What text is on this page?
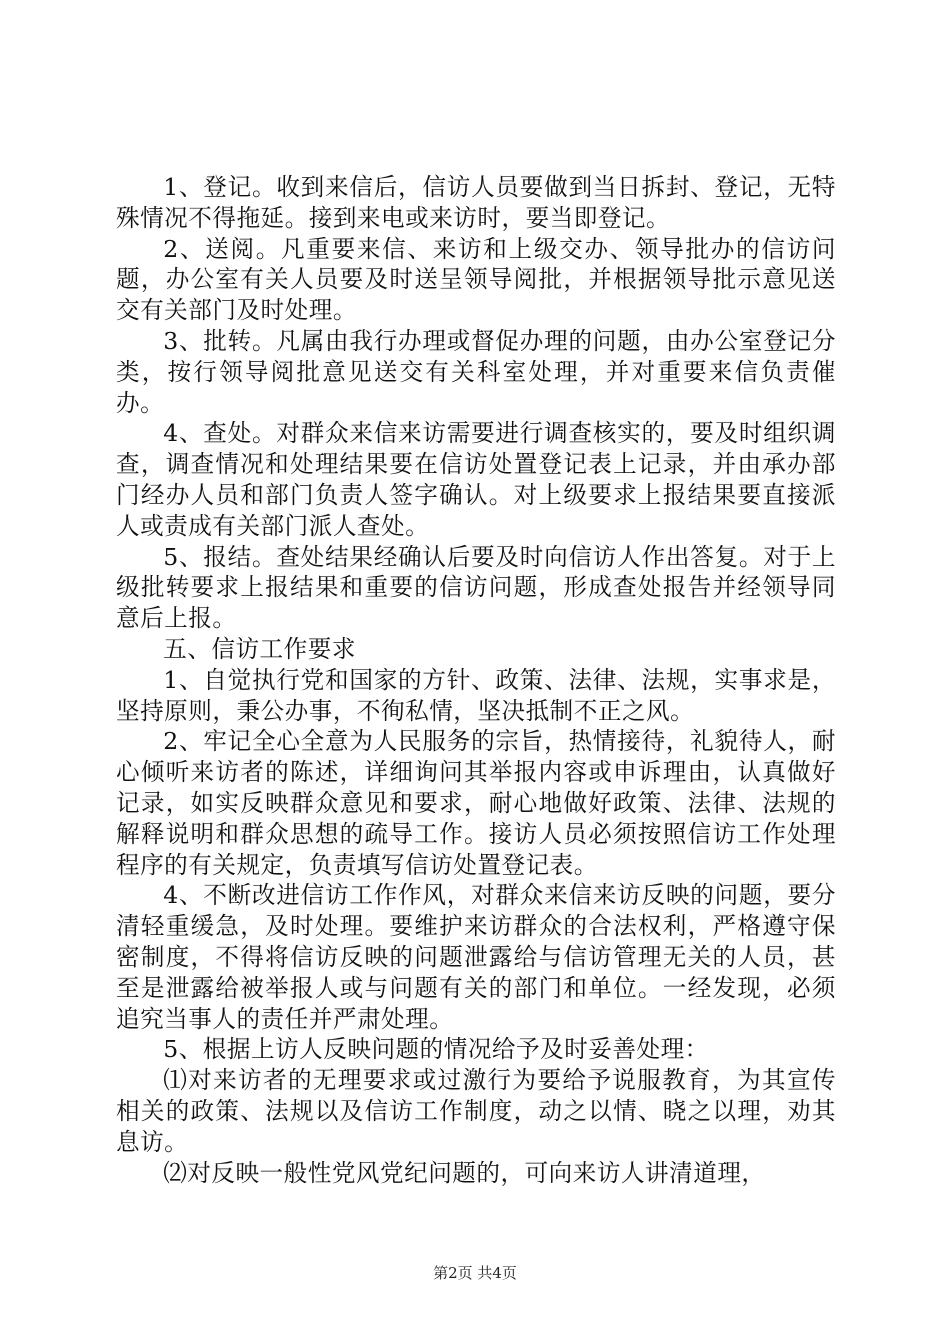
1、登记。收到来信后，信访人员要做到当日拆封、登记，无特殊情况不得拖延。接到来电或来访时，要当即登记。

2、送阅。凡重要来信、来访和上级交办、领导批办的信访问题，办公室有关人员要及时送呈领导阅批，并根据领导批示意见送交有关部门及时处理。

3、批转。凡属由我行办理或督促办理的问题，由办公室登记分类，按行领导阅批意见送交有关科室处理，并对重要来信负责催办。

4、查处。对群众来信来访需要进行调查核实的，要及时组织调查，调查情况和处理结果要在信访处置登记表上记录，并由承办部门经办人员和部门负责人签字确认。对上级要求上报结果要直接派人或责成有关部门派人查处。

5、报结。查处结果经确认后要及时向信访人作出答复。对于上级批转要求上报结果和重要的信访问题，形成查处报告并经领导同意后上报。

五、信访工作要求

1、自觉执行党和国家的方针、政策、法律、法规，实事求是，坚持原则，秉公办事，不徇私情，坚决抵制不正之风。

2、牢记全心全意为人民服务的宗旨，热情接待，礼貌待人，耐心倾听来访者的陈述，详细询问其举报内容或申诉理由，认真做好记录，如实反映群众意见和要求，耐心地做好政策、法律、法规的解释说明和群众思想的疏导工作。接访人员必须按照信访工作处理程序的有关规定，负责填写信访处置登记表。

4、不断改进信访工作作风，对群众来信来访反映的问题，要分清轻重缓急，及时处理。要维护来访群众的合法权利，严格遵守保密制度，不得将信访反映的问题泄露给与信访管理无关的人员，甚至是泄露给被举报人或与问题有关的部门和单位。一经发现，必须追究当事人的责任并严肃处理。

5、根据上访人反映问题的情况给予及时妥善处理：

⑴对来访者的无理要求或过激行为要给予说服教育，为其宣传相关的政策、法规以及信访工作制度，动之以情、晓之以理，劝其息访。

⑵对反映一般性党风党纪问题的，可向来访人讲清道理，

第2页 共4页
